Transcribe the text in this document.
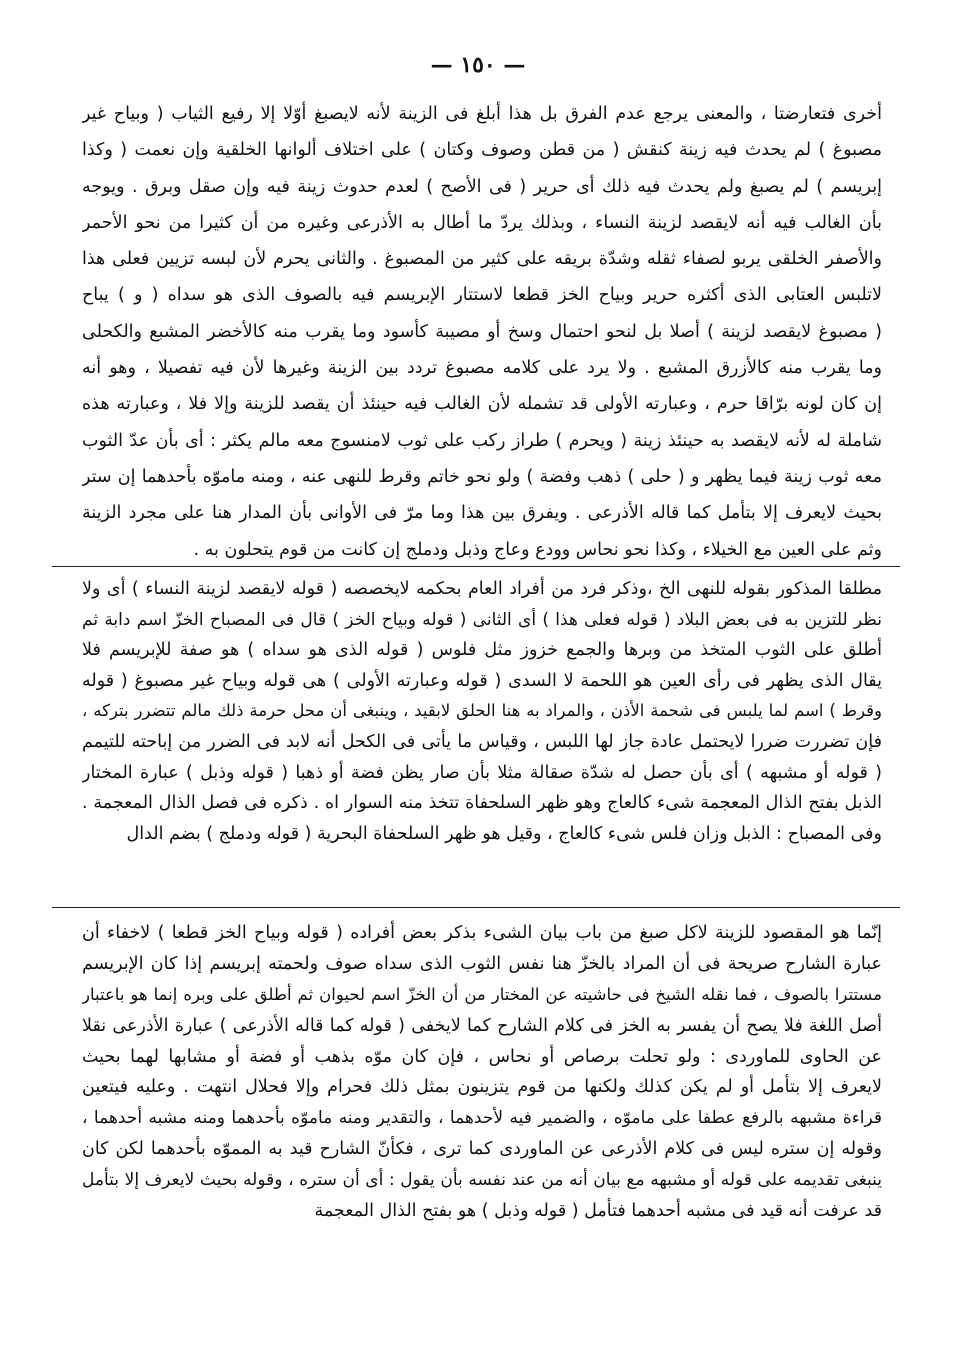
— ١٥٠ —
أخرى فتعارضتا ، والمعنى يرجع عدم الفرق بل هذا أبلغ فى الزينة لأنه لايصبغ أوّلا إلا رفيع الثياب ( وبياح غير
مصبوغ ) لم يحدث فيه زينة كنقش ( من قطن وصوف وكتان ) على اختلاف ألوانها الخلقية وإن نعمت ( وكذا
إبريسم ) لم يصبغ ولم يحدث فيه ذلك أى حرير ( فى الأصح ) لعدم حدوث زينة فيه وإن صقل وبرق . ويوجه
بأن الغالب فيه أنه لايقصد لزينة النساء ، وبذلك يردّ ما أطال به الأذرعى وغيره من أن كثيرا من نحو الأحمر
والأصفر الخلقى يربو لصفاء ثقله وشدّة بريقه على كثير من المصبوغ . والثانى يحرم لأن لبسه تزيين فعلى هذا
لاتلبس العتابى الذى أكثره حرير وبياح الخز قطعا لاستتار الإبريسم فيه بالصوف الذى هو سداه ( و ) يباح
( مصبوغ لايقصد لزينة ) أصلا بل لنحو احتمال وسخ أو مصيبة كأسود وما يقرب منه كالأخضر المشبع والكحلى
وما يقرب منه كالأزرق المشبع . ولا يرد على كلامه مصبوغ تردد بين الزينة وغيرها لأن فيه تفصيلا ، وهو أنه
إن كان لونه برّاقا حرم ، وعبارته الأولى قد تشمله لأن الغالب فيه حينئذ أن يقصد للزينة وإلا فلا ، وعبارته هذه
شاملة له لأنه لايقصد به حينئذ زينة ( ويحرم ) طراز ركب على ثوب لامنسوج معه مالم يكثر : أى بأن عدّ الثوب
معه ثوب زينة فيما يظهر و ( حلى ) ذهب وفضة ) ولو نحو خاتم وقرط للنهى عنه ، ومنه ماموّه بأحدهما إن ستر
بحيث لايعرف إلا بتأمل كما قاله الأذرعى . ويفرق بين هذا وما مرّ فى الأوانى بأن المدار هنا على مجرد الزينة
وثم على العين مع الخيلاء ، وكذا نحو نحاس وودع وعاج وذبل ودملج إن كانت من قوم يتحلون به .
مطلقا المذكور بقوله للنهى الخ ،وذكر فرد من أفراد العام بحكمه لايخصصه ( قوله لايقصد لزينة النساء ) أى ولا
نظر للتزين به فى بعض البلاد ( قوله فعلى هذا ) أى الثانى ( قوله وبياح الخز ) قال فى المصباح الخزّ اسم دابة ثم
أطلق على الثوب المتخذ من وبرها والجمع خزوز مثل فلوس ( قوله الذى هو سداه ) هو صفة للإبريسم فلا
يقال الذى يظهر فى رأى العين هو اللحمة لا السدى ( قوله وعبارته الأولى ) هى قوله وبياح غير مصبوغ ( قوله
وقرط ) اسم لما يلبس فى شحمة الأذن ، والمراد به هنا الحلق لابقيد ، وينبغى أن محل حرمة ذلك مالم تتضرر بتركه ،
فإن تضررت ضررا لايحتمل عادة جاز لها اللبس ، وقياس ما يأتى فى الكحل أنه لابد فى الضرر من إباحته للتيمم
( قوله أو مشبهه ) أى بأن حصل له شدّة صقالة مثلا بأن صار يظن فضة أو ذهبا ( قوله وذبل ) عبارة المختار
الذبل بفتح الذال المعجمة شىء كالعاج وهو ظهر السلحفاة تتخذ منه السوار اه . ذكره فى فصل الذال المعجمة .
وفى المصباح : الذبل وزان فلس شىء كالعاج ، وقيل هو ظهر السلحفاة البحرية ( قوله ودملج ) بضم الدال
إنّما هو المقصود للزينة لاكل صبغ من باب بيان الشىء بذكر بعض أفراده ( قوله وبياح الخز قطعا ) لاخفاء أن
عبارة الشارح صريحة فى أن المراد بالخزّ هنا نفس الثوب الذى سداه صوف ولحمته إبريسم إذا كان الإبريسم
مستترا بالصوف ، فما نقله الشيخ فى حاشيته عن المختار من أن الخزّ اسم لحيوان ثم أطلق على وبره إنما هو باعتبار
أصل اللغة فلا يصح أن يفسر به الخز فى كلام الشارح كما لايخفى ( قوله كما قاله الأذرعى ) عبارة الأذرعى نقلا
عن الحاوى للماوردى : ولو تحلت برصاص أو نحاس ، فإن كان موّه بذهب أو فضة أو مشابها لهما بحيث
لايعرف إلا بتأمل أو لم يكن كذلك ولكنها من قوم يتزينون بمثل ذلك فحرام وإلا فحلال انتهت . وعليه فيتعين
قراءة مشبهه بالرفع عطفا على ماموّه ، والضمير فيه لأحدهما ، والتقدير ومنه ماموّه بأحدهما ومنه مشبه أحدهما ،
وقوله إن ستره ليس فى كلام الأذرعى عن الماوردى كما ترى ، فكأنّ الشارح قيد به المموّه بأحدهما لكن كان
ينبغى تقديمه على قوله أو مشبهه مع بيان أنه من عند نفسه بأن يقول : أى أن ستره ، وقوله بحيث لايعرف إلا بتأمل
قد عرفت أنه قيد فى مشبه أحدهما فتأمل ( قوله وذبل ) هو بفتح الذال المعجمة
